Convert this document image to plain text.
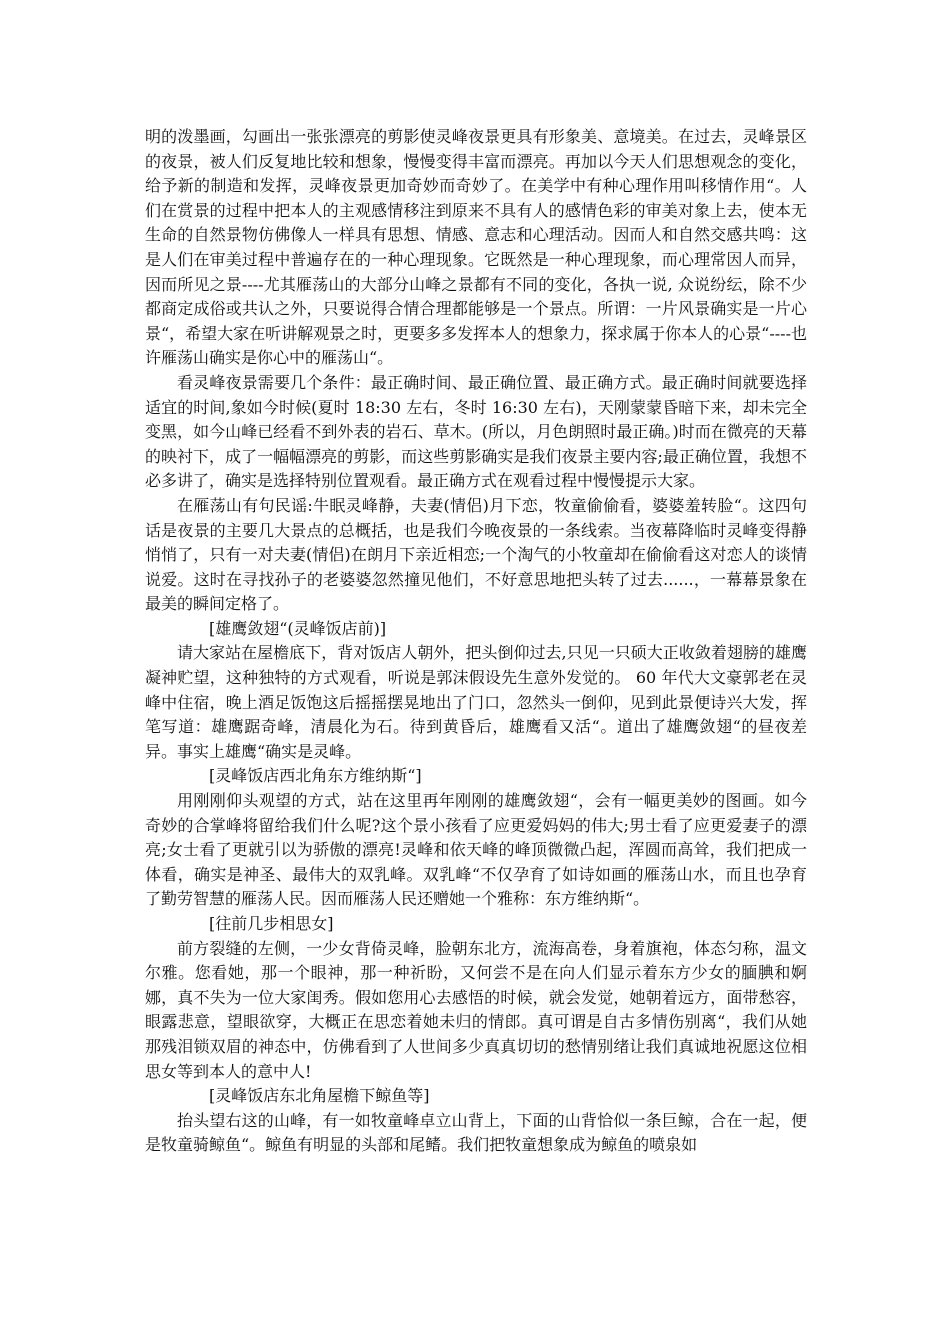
明的泼墨画，勾画出一张张漂亮的剪影使灵峰夜景更具有形象美、意境美。在过去，灵峰景区的夜景，被人们反复地比较和想象，慢慢变得丰富而漂亮。再加以今天人们思想观念的变化，给予新的制造和发挥，灵峰夜景更加奇妙而奇妙了。在美学中有种心理作用叫移情作用“。人们在赏景的过程中把本人的主观感情移注到原来不具有人的感情色彩的审美对象上去，使本无生命的自然景物仿佛像人一样具有思想、情感、意志和心理活动。因而人和自然交感共鸣：这是人们在审美过程中普遍存在的一种心理现象。它既然是一种心理现象，而心理常因人而异，因而所见之景----尤其雁荡山的大部分山峰之景都有不同的变化，各执一说, 众说纷纭，除不少都商定成俗或共认之外，只要说得合情合理都能够是一个景点。所谓：一片风景确实是一片心景“，希望大家在听讲解观景之时，更要多多发挥本人的想象力，探求属于你本人的心景“----也许雁荡山确实是你心中的雁荡山“。

看灵峰夜景需要几个条件：最正确时间、最正确位置、最正确方式。最正确时间就要选择适宜的时间,象如今时候(夏时 18:30 左右，冬时 16:30 左右)，天刚蒙蒙昏暗下来，却未完全变黑，如今山峰已经看不到外表的岩石、草木。(所以，月色朗照时最正确。)时而在微亮的天幕的映衬下，成了一幅幅漂亮的剪影，而这些剪影确实是我们夜景主要内容;最正确位置，我想不必多讲了，确实是选择特别位置观看。最正确方式在观看过程中慢慢提示大家。

在雁荡山有句民谣:牛眠灵峰静，夫妻(情侣)月下恋，牧童偷偷看，婆婆羞转脸“。这四句话是夜景的主要几大景点的总概括，也是我们今晚夜景的一条线索。当夜幕降临时灵峰变得静悄悄了，只有一对夫妻(情侣)在朗月下亲近相恋;一个淘气的小牧童却在偷偷看这对恋人的谈情说爱。这时在寻找孙子的老婆婆忽然撞见他们，不好意思地把头转了过去......，一幕幕景象在最美的瞬间定格了。

[雄鹰敛翅“(灵峰饭店前)]

请大家站在屋檐底下，背对饭店人朝外，把头倒仰过去,只见一只硕大正收敛着翅膀的雄鹰凝神贮望，这种独特的方式观看，听说是郭沫假设先生意外发觉的。 60 年代大文豪郭老在灵峰中住宿，晚上酒足饭饱这后摇摇摆晃地出了门口，忽然头一倒仰，见到此景便诗兴大发，挥笔写道：雄鹰踞奇峰，清晨化为石。待到黄昏后，雄鹰看又活“。道出了雄鹰敛翅“的昼夜差异。事实上雄鹰“确实是灵峰。

[灵峰饭店西北角东方维纳斯“]

用刚刚仰头观望的方式，站在这里再年刚刚的雄鹰敛翅“，会有一幅更美妙的图画。如今奇妙的合掌峰将留给我们什么呢?这个景小孩看了应更爱妈妈的伟大;男士看了应更爱妻子的漂亮;女士看了更就引以为骄傲的漂亮!灵峰和依天峰的峰顶微微凸起，浑圆而高耸，我们把成一体看，确实是神圣、最伟大的双乳峰。双乳峰“不仅孕育了如诗如画的雁荡山水，而且也孕育了勤劳智慧的雁荡人民。因而雁荡人民还赠她一个雅称：东方维纳斯“。

[往前几步相思女]

前方裂缝的左侧，一少女背倚灵峰，脸朝东北方，流海高卷，身着旗袍，体态匀称，温文尔雅。您看她，那一个眼神，那一种祈盼，又何尝不是在向人们显示着东方少女的腼腆和婀娜，真不失为一位大家闺秀。假如您用心去感悟的时候，就会发觉，她朝着远方，面带愁容，眼露悲意，望眼欲穿，大概正在思恋着她未归的情郎。真可谓是自古多情伤别离“，我们从她那残泪锁双眉的神态中，仿佛看到了人世间多少真真切切的愁情别绪让我们真诚地祝愿这位相思女等到本人的意中人!

[灵峰饭店东北角屋檐下鲸鱼等]

抬头望右这的山峰，有一如牧童峰卓立山背上，下面的山背恰似一条巨鲸，合在一起，便是牧童骑鲸鱼“。鲸鱼有明显的头部和尾鳍。我们把牧童想象成为鲸鱼的喷泉如
